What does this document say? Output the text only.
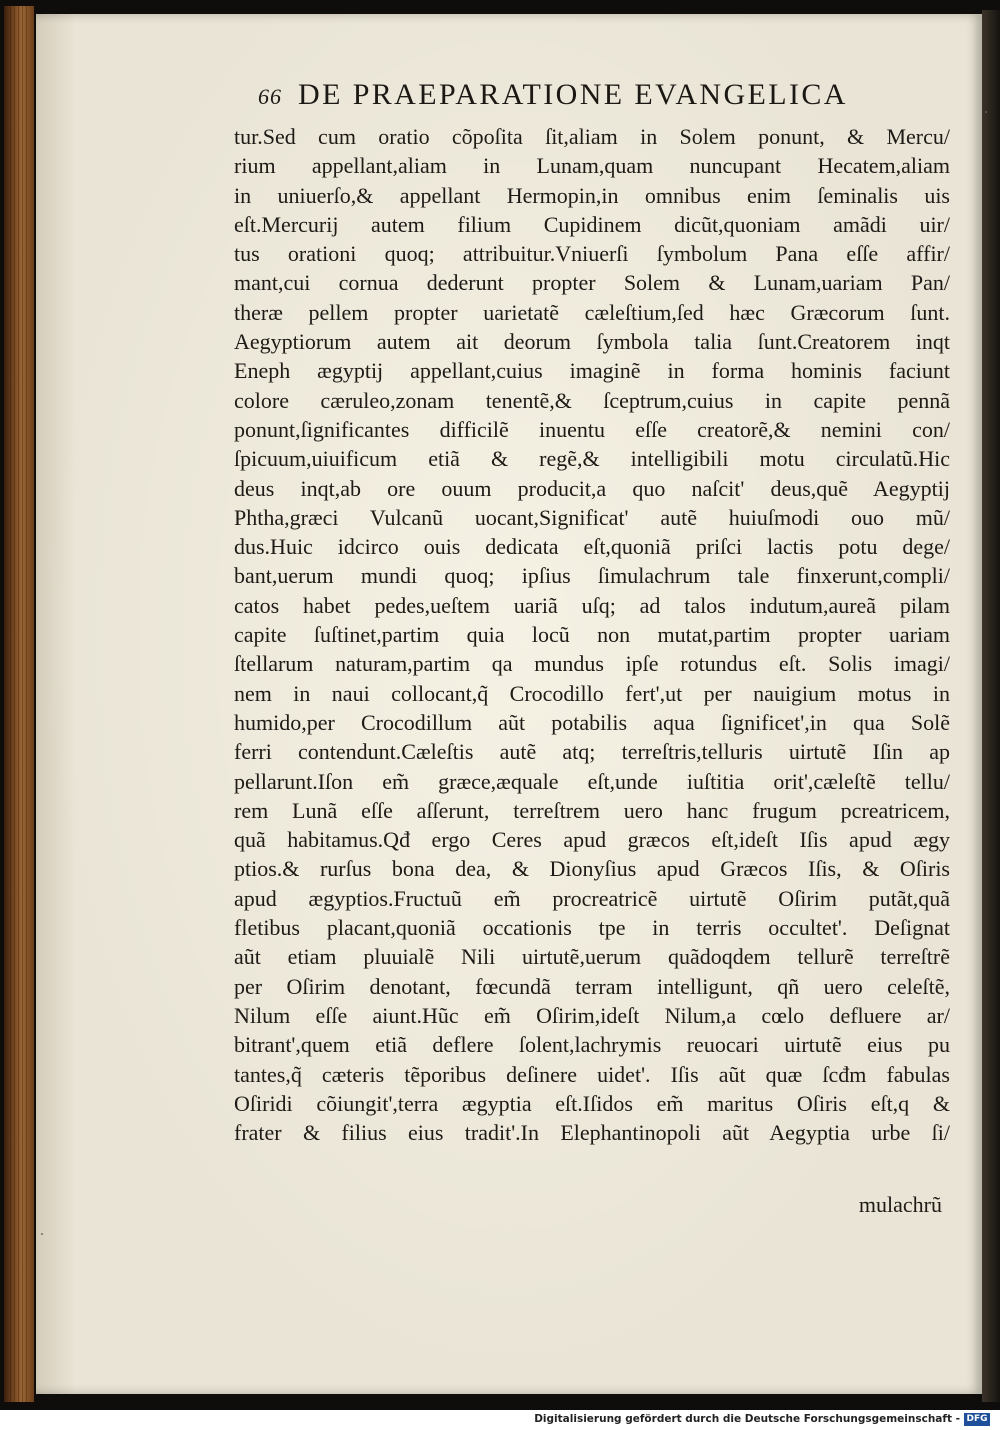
66 DE PRAEPARATIONE EVANGELICA
tur.Sed cum oratio cõpoſita ſit,aliam in Solem ponunt, & Mercu/
rium appellant,aliam in Lunam,quam nuncupant Hecatem,aliam
in uniuerſo,& appellant Hermopin,in omnibus enim ſeminalis uis
eſt.Mercurij autem filium Cupidinem dicũt,quoniam amãdi uir/
tus orationi quoq; attribuitur.Vniuerſi ſymbolum Pana eſſe affir/
mant,cui cornua dederunt propter Solem & Lunam,uariam Pan/
theræ pellem propter uarietatẽ cæleſtium,ſed hæc Græcorum ſunt.
Aegyptiorum autem ait deorum ſymbola talia ſunt.Creatorem inqt
Eneph ægyptij appellant,cuius imaginẽ in forma hominis faciunt
colore cæruleo,zonam tenentẽ,& ſceptrum,cuius in capite pennã
ponunt,ſignificantes difficilẽ inuentu eſſe creatorẽ,& nemini con/
ſpicuum,uiuificum etiã & regẽ,& intelligibili motu circulatũ.Hic
deus inqt,ab ore ouum producit,a quo naſcit' deus,quẽ Aegyptij
Phtha,græci Vulcanũ uocant,Significat' autẽ huiuſmodi ouo mũ/
dus.Huic idcirco ouis dedicata eſt,quoniã priſci lactis potu dege/
bant,uerum mundi quoq; ipſius ſimulachrum tale finxerunt,compli/
catos habet pedes,ueſtem uariã uſq; ad talos indutum,aureã pilam
capite ſuſtinet,partim quia locũ non mutat,partim propter uariam
ſtellarum naturam,partim qa mundus ipſe rotundus eſt. Solis imagi/
nem in naui collocant,q̃ Crocodillo fert',ut per nauigium motus in
humido,per Crocodillum aũt potabilis aqua ſignificet',in qua Solẽ
ferri contendunt.Cæleſtis autẽ atq; terreſtris,telluris uirtutẽ Iſin ap
pellarunt.Iſon em̃ græce,æquale eſt,unde iuſtitia orit',cæleſtẽ tellu/
rem Lunã eſſe aſſerunt, terreſtrem uero hanc frugum pcreatricem,
quã habitamus.Qđ ergo Ceres apud græcos eſt,ideſt Iſis apud ægy
ptios.& rurſus bona dea, & Dionyſius apud Græcos Iſis, & Oſiris
apud ægyptios.Fructuũ em̃ procreatricẽ uirtutẽ Oſirim putãt,quã
fletibus placant,quoniã occationis tpe in terris occultet'. Deſignat
aũt etiam pluuialẽ Nili uirtutẽ,uerum quãdoqdem tellurẽ terreſtrẽ
per Oſirim denotant, fœcundã terram intelligunt, qñ uero celeſtẽ,
Nilum eſſe aiunt.Hũc em̃ Oſirim,ideſt Nilum,a cœlo defluere ar/
bitrant',quem etiã deflere ſolent,lachrymis reuocari uirtutẽ eius pu
tantes,q̃ cæteris tẽporibus deſinere uidet'. Iſis aũt quæ ſcđm fabulas
Oſiridi cõiungit',terra ægyptia eſt.Iſidos em̃ maritus Oſiris eſt,q &
frater & filius eius tradit'.In Elephantinopoli aũt Aegyptia urbe ſi/
mulachrũ
.
.
Digitalisierung gefördert durch die Deutsche Forschungsgemeinschaft - DFG
